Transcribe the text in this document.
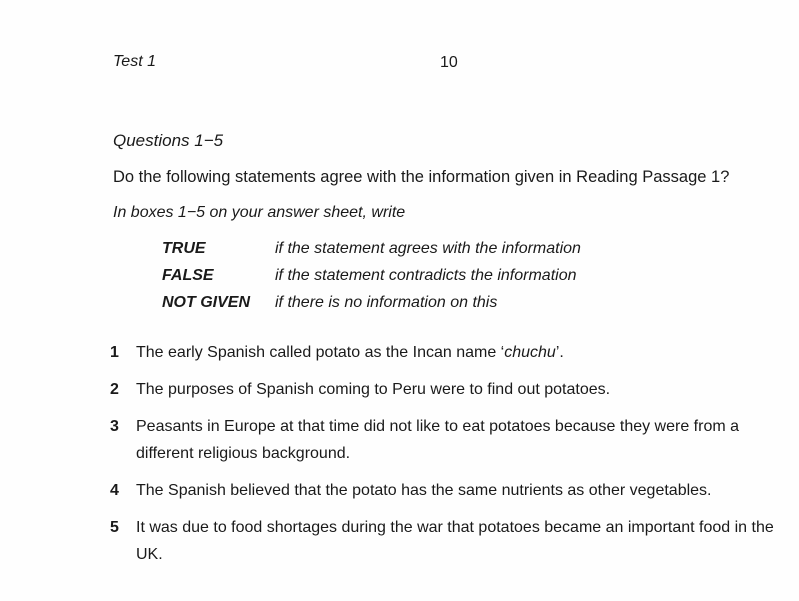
Test 1	10
Questions 1−5
Do the following statements agree with the information given in Reading Passage 1?
In boxes 1−5 on your answer sheet, write
TRUE	if the statement agrees with the information
FALSE	if the statement contradicts the information
NOT GIVEN	if there is no information on this
1	The early Spanish called potato as the Incan name ‘chuchu’.
2	The purposes of Spanish coming to Peru were to find out potatoes.
3	Peasants in Europe at that time did not like to eat potatoes because they were from a different religious background.
4	The Spanish believed that the potato has the same nutrients as other vegetables.
5	It was due to food shortages during the war that potatoes became an important food in the UK.
